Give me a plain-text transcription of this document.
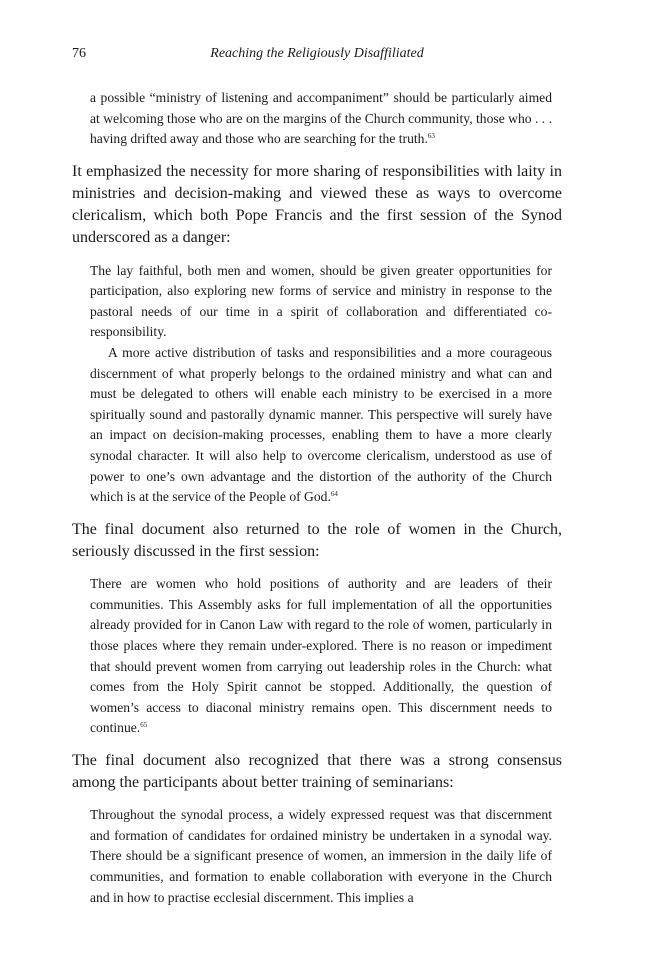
76	Reaching the Religiously Disaffiliated

a possible “ministry of listening and accompaniment” should be particularly aimed at welcoming those who are on the margins of the Church community, those who . . . having drifted away and those who are searching for the truth.$^{63}$

It emphasized the necessity for more sharing of responsibilities with laity in ministries and decision-making and viewed these as ways to overcome clericalism, which both Pope Francis and the first session of the Synod underscored as a danger:

The lay faithful, both men and women, should be given greater opportunities for participation, also exploring new forms of service and ministry in response to the pastoral needs of our time in a spirit of collaboration and differentiated co-responsibility.

A more active distribution of tasks and responsibilities and a more courageous discernment of what properly belongs to the ordained ministry and what can and must be delegated to others will enable each ministry to be exercised in a more spiritually sound and pastorally dynamic manner. This perspective will surely have an impact on decision-making processes, enabling them to have a more clearly synodal character. It will also help to overcome clericalism, understood as use of power to one’s own advantage and the distortion of the authority of the Church which is at the service of the People of God.$^{64}$

The final document also returned to the role of women in the Church, seriously discussed in the first session:

There are women who hold positions of authority and are leaders of their communities. This Assembly asks for full implementation of all the opportunities already provided for in Canon Law with regard to the role of women, particularly in those places where they remain under-explored. There is no reason or impediment that should prevent women from carrying out leadership roles in the Church: what comes from the Holy Spirit cannot be stopped. Additionally, the question of women’s access to diaconal ministry remains open. This discernment needs to continue.$^{65}$

The final document also recognized that there was a strong consensus among the participants about better training of seminarians:

Throughout the synodal process, a widely expressed request was that discernment and formation of candidates for ordained ministry be undertaken in a synodal way. There should be a significant presence of women, an immersion in the daily life of communities, and formation to enable collaboration with everyone in the Church and in how to practise ecclesial discernment. This implies a
